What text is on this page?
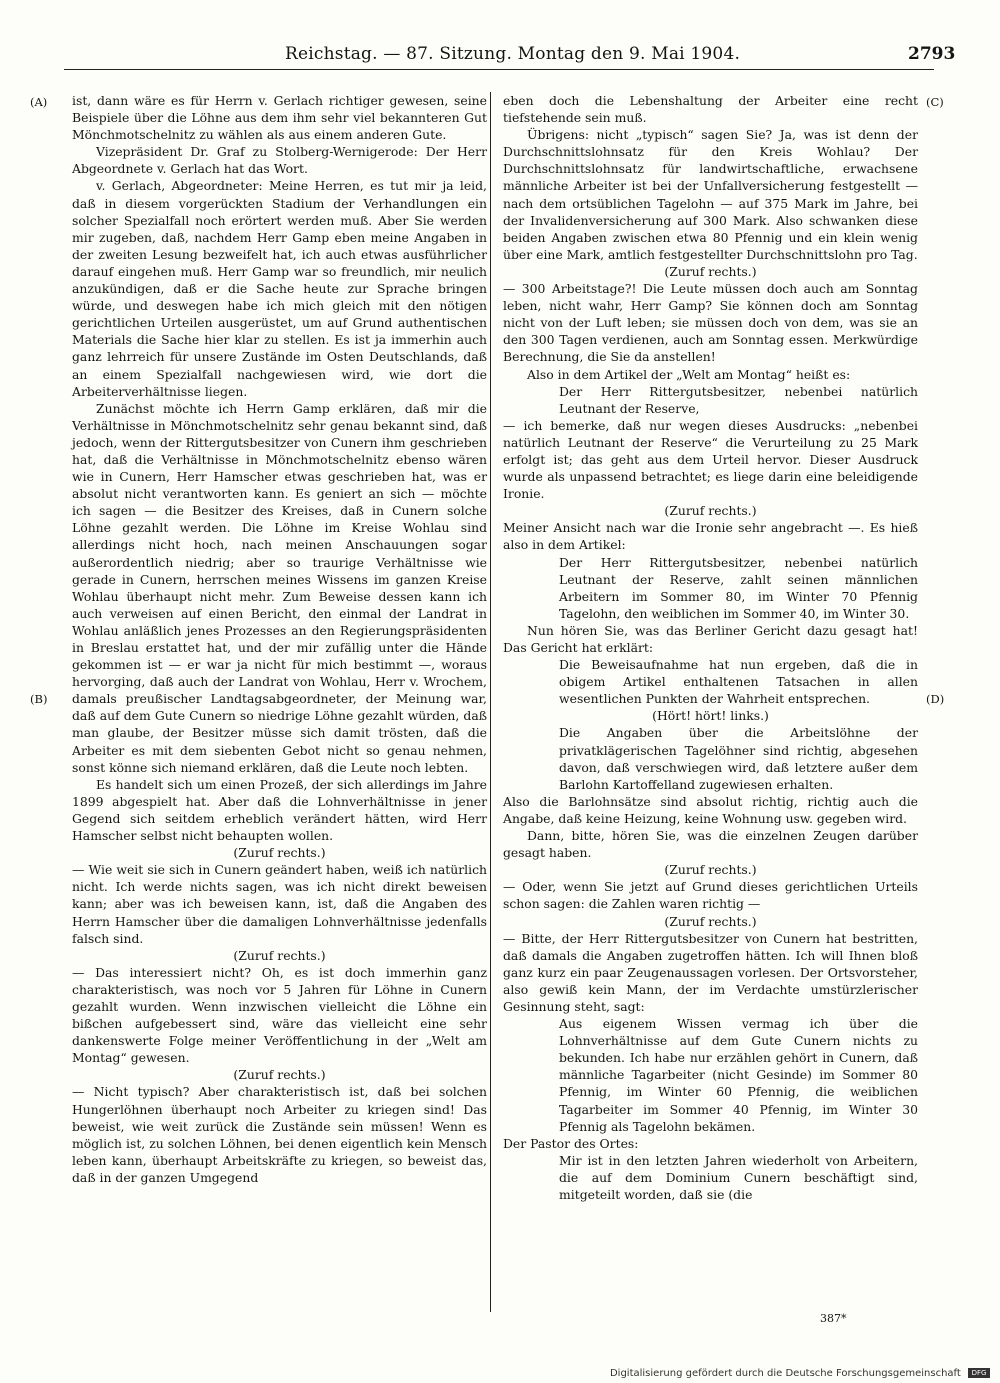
Reichstag. — 87. Sitzung. Montag den 9. Mai 1904.	2793
(A)
(B)
(C)
(D)

ist, dann wäre es für Herrn v. Gerlach richtiger gewesen, seine Beispiele über die Löhne aus dem ihm sehr viel bekannteren Gut Mönchmotschelnitz zu wählen als aus einem anderen Gute.

Vizepräsident Dr. Graf zu Stolberg-Wernigerode: Der Herr Abgeordnete v. Gerlach hat das Wort.

v. Gerlach, Abgeordneter: Meine Herren, es tut mir ja leid, daß in diesem vorgerückten Stadium der Verhandlungen ein solcher Spezialfall noch erörtert werden muß. Aber Sie werden mir zugeben, daß, nachdem Herr Gamp eben meine Angaben in der zweiten Lesung bezweifelt hat, ich auch etwas ausführlicher darauf eingehen muß. Herr Gamp war so freundlich, mir neulich anzukündigen, daß er die Sache heute zur Sprache bringen würde, und deswegen habe ich mich gleich mit den nötigen gerichtlichen Urteilen ausgerüstet, um auf Grund authentischen Materials die Sache hier klar zu stellen. Es ist ja immerhin auch ganz lehrreich für unsere Zustände im Osten Deutschlands, daß an einem Spezialfall nachgewiesen wird, wie dort die Arbeiterverhältnisse liegen.

Zunächst möchte ich Herrn Gamp erklären, daß mir die Verhältnisse in Mönchmotschelnitz sehr genau bekannt sind, daß jedoch, wenn der Rittergutsbesitzer von Cunern ihm geschrieben hat, daß die Verhältnisse in Mönchmotschelnitz ebenso wären wie in Cunern, Herr Hamscher etwas geschrieben hat, was er absolut nicht verantworten kann. Es geniert an sich — möchte ich sagen — die Besitzer des Kreises, daß in Cunern solche Löhne gezahlt werden. Die Löhne im Kreise Wohlau sind allerdings nicht hoch, nach meinen Anschauungen sogar außerordentlich niedrig; aber so traurige Verhältnisse wie gerade in Cunern, herrschen meines Wissens im ganzen Kreise Wohlau überhaupt nicht mehr. Zum Beweise dessen kann ich auch verweisen auf einen Bericht, den einmal der Landrat in Wohlau anläßlich jenes Prozesses an den Regierungspräsidenten in Breslau erstattet hat, und der mir zufällig unter die Hände gekommen ist — er war ja nicht für mich bestimmt —, woraus hervorging, daß auch der Landrat von Wohlau, Herr v. Wrochem, damals preußischer Landtagsabgeordneter, der Meinung war, daß auf dem Gute Cunern so niedrige Löhne gezahlt würden, daß man glaube, der Besitzer müsse sich damit trösten, daß die Arbeiter es mit dem siebenten Gebot nicht so genau nehmen, sonst könne sich niemand erklären, daß die Leute noch lebten.

Es handelt sich um einen Prozeß, der sich allerdings im Jahre 1899 abgespielt hat. Aber daß die Lohnverhältnisse in jener Gegend sich seitdem erheblich verändert hätten, wird Herr Hamscher selbst nicht behaupten wollen.

(Zuruf rechts.)

— Wie weit sie sich in Cunern geändert haben, weiß ich natürlich nicht. Ich werde nichts sagen, was ich nicht direkt beweisen kann; aber was ich beweisen kann, ist, daß die Angaben des Herrn Hamscher über die damaligen Lohnverhältnisse jedenfalls falsch sind.

(Zuruf rechts.)

— Das interessiert nicht? Oh, es ist doch immerhin ganz charakteristisch, was noch vor 5 Jahren für Löhne in Cunern gezahlt wurden. Wenn inzwischen vielleicht die Löhne ein bißchen aufgebessert sind, wäre das vielleicht eine sehr dankenswerte Folge meiner Veröffentlichung in der „Welt am Montag“ gewesen.

(Zuruf rechts.)

— Nicht typisch? Aber charakteristisch ist, daß bei solchen Hungerlöhnen überhaupt noch Arbeiter zu kriegen sind! Das beweist, wie weit zurück die Zustände sein müssen! Wenn es möglich ist, zu solchen Löhnen, bei denen eigentlich kein Mensch leben kann, überhaupt Arbeitskräfte zu kriegen, so beweist das, daß in der ganzen Umgegend

eben doch die Lebenshaltung der Arbeiter eine recht tiefstehende sein muß.

Übrigens: nicht „typisch“ sagen Sie? Ja, was ist denn der Durchschnittslohnsatz für den Kreis Wohlau? Der Durchschnittslohnsatz für landwirtschaftliche, erwachsene männliche Arbeiter ist bei der Unfallversicherung festgestellt — nach dem ortsüblichen Tagelohn — auf 375 Mark im Jahre, bei der Invalidenversicherung auf 300 Mark. Also schwanken diese beiden Angaben zwischen etwa 80 Pfennig und ein klein wenig über eine Mark, amtlich festgestellter Durchschnittslohn pro Tag.

(Zuruf rechts.)

— 300 Arbeitstage?! Die Leute müssen doch auch am Sonntag leben, nicht wahr, Herr Gamp? Sie können doch am Sonntag nicht von der Luft leben; sie müssen doch von dem, was sie an den 300 Tagen verdienen, auch am Sonntag essen. Merkwürdige Berechnung, die Sie da anstellen!

Also in dem Artikel der „Welt am Montag“ heißt es:

Der Herr Rittergutsbesitzer, nebenbei natürlich Leutnant der Reserve,

— ich bemerke, daß nur wegen dieses Ausdrucks: „nebenbei natürlich Leutnant der Reserve“ die Verurteilung zu 25 Mark erfolgt ist; das geht aus dem Urteil hervor. Dieser Ausdruck wurde als unpassend betrachtet; es liege darin eine beleidigende Ironie.

(Zuruf rechts.)

Meiner Ansicht nach war die Ironie sehr angebracht —. Es hieß also in dem Artikel:

Der Herr Rittergutsbesitzer, nebenbei natürlich Leutnant der Reserve, zahlt seinen männlichen Arbeitern im Sommer 80, im Winter 70 Pfennig Tagelohn, den weiblichen im Sommer 40, im Winter 30.

Nun hören Sie, was das Berliner Gericht dazu gesagt hat! Das Gericht hat erklärt:

Die Beweisaufnahme hat nun ergeben, daß die in obigem Artikel enthaltenen Tatsachen in allen wesentlichen Punkten der Wahrheit entsprechen.

(Hört! hört! links.)

Die Angaben über die Arbeitslöhne der privatklägerischen Tagelöhner sind richtig, abgesehen davon, daß verschwiegen wird, daß letztere außer dem Barlohn Kartoffelland zugewiesen erhalten.

Also die Barlohnsätze sind absolut richtig, richtig auch die Angabe, daß keine Heizung, keine Wohnung usw. gegeben wird.

Dann, bitte, hören Sie, was die einzelnen Zeugen darüber gesagt haben.

(Zuruf rechts.)

— Oder, wenn Sie jetzt auf Grund dieses gerichtlichen Urteils schon sagen: die Zahlen waren richtig —

(Zuruf rechts.)

— Bitte, der Herr Rittergutsbesitzer von Cunern hat bestritten, daß damals die Angaben zugetroffen hätten. Ich will Ihnen bloß ganz kurz ein paar Zeugenaussagen vorlesen. Der Ortsvorsteher, also gewiß kein Mann, der im Verdachte umstürzlerischer Gesinnung steht, sagt:

Aus eigenem Wissen vermag ich über die Lohnverhältnisse auf dem Gute Cunern nichts zu bekunden. Ich habe nur erzählen gehört in Cunern, daß männliche Tagarbeiter (nicht Gesinde) im Sommer 80 Pfennig, im Winter 60 Pfennig, die weiblichen Tagarbeiter im Sommer 40 Pfennig, im Winter 30 Pfennig als Tagelohn bekämen.

Der Pastor des Ortes:

Mir ist in den letzten Jahren wiederholt von Arbeitern, die auf dem Dominium Cunern beschäftigt sind, mitgeteilt worden, daß sie (die

387*
Digitalisierung gefördert durch die Deutsche Forschungsgemeinschaft DFG
